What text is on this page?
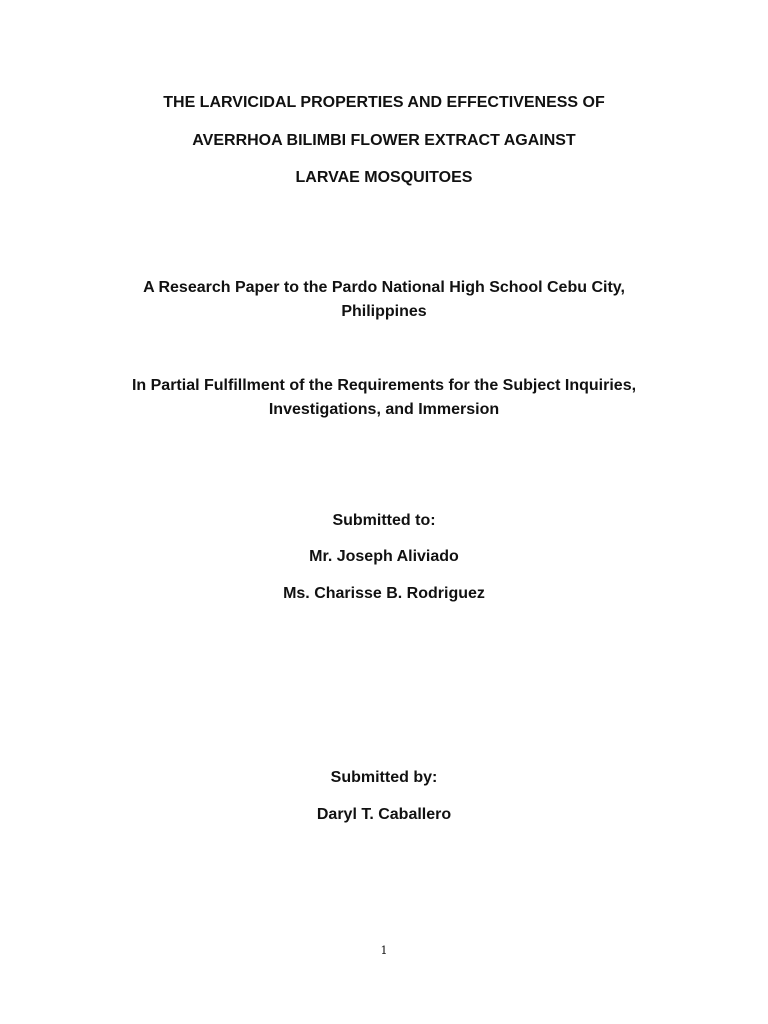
THE LARVICIDAL PROPERTIES AND EFFECTIVENESS OF
AVERRHOA BILIMBI FLOWER EXTRACT AGAINST
LARVAE MOSQUITOES
A Research Paper to the Pardo National High School Cebu City,
Philippines
In Partial Fulfillment of the Requirements for the Subject Inquiries,
Investigations, and Immersion
Submitted to:
Mr. Joseph Aliviado
Ms. Charisse B. Rodriguez
Submitted by:
Daryl T. Caballero
1
